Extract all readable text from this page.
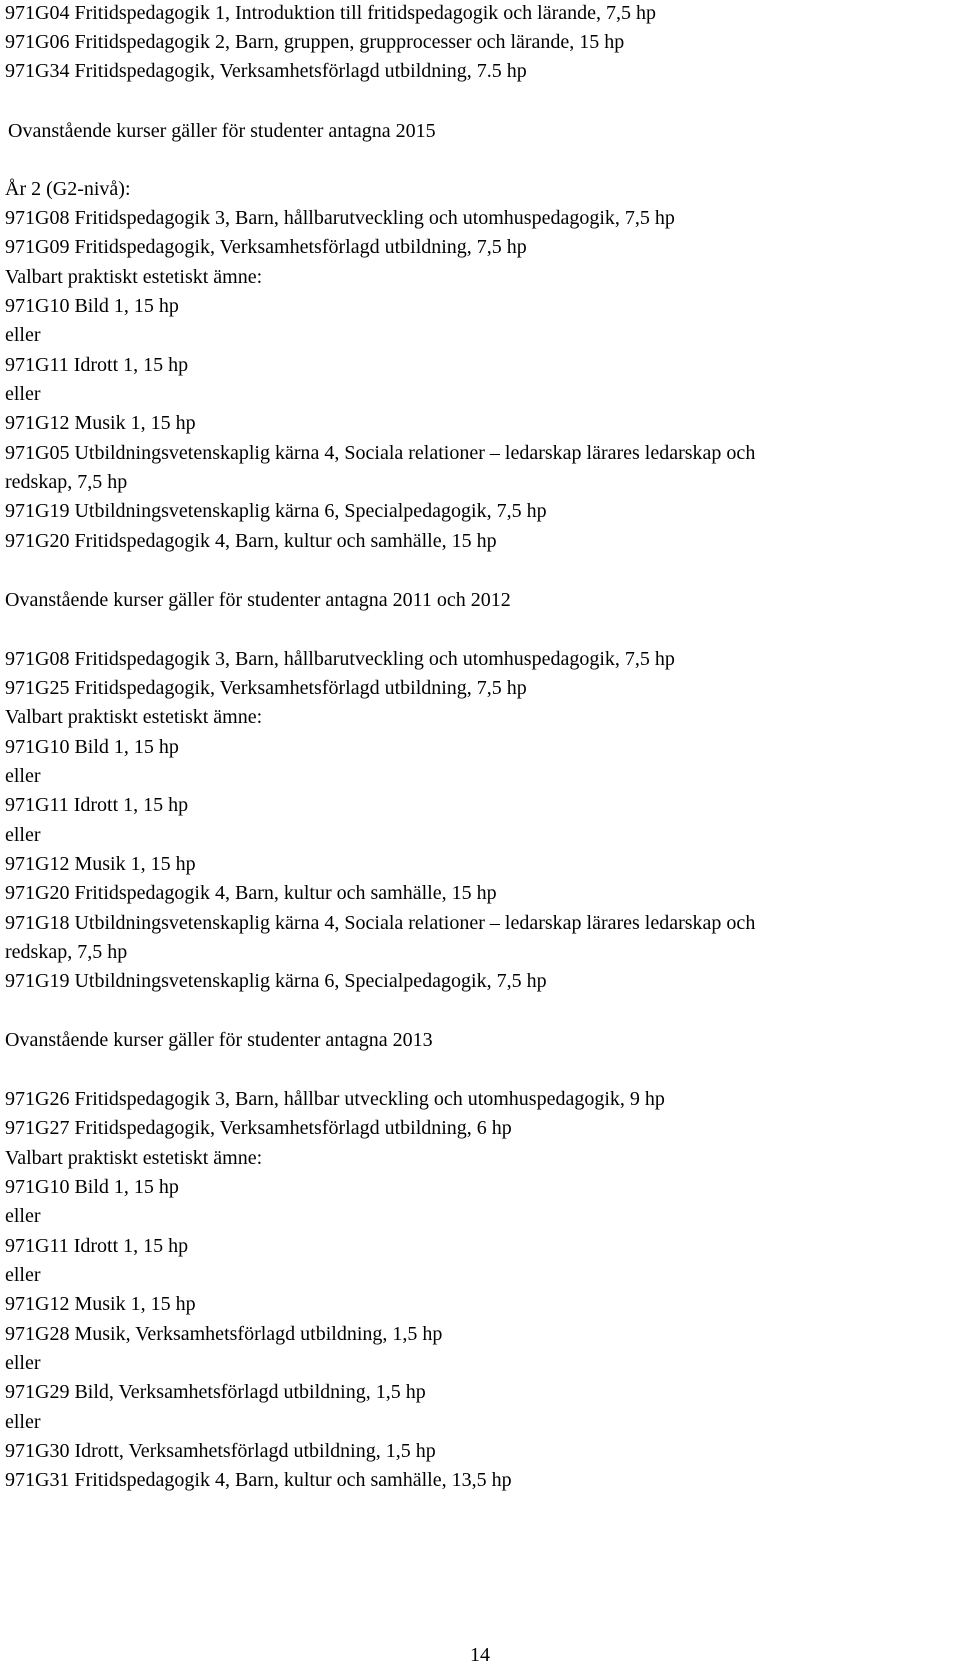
971G04 Fritidspedagogik 1, Introduktion till fritidspedagogik och lärande, 7,5 hp

971G06 Fritidspedagogik 2, Barn, gruppen, grupprocesser och lärande, 15 hp

971G34 Fritidspedagogik, Verksamhetsförlagd utbildning, 7.5 hp

Ovanstående kurser gäller för studenter antagna 2015

År 2 (G2-nivå):

971G08 Fritidspedagogik 3, Barn, hållbarutveckling och utomhuspedagogik, 7,5 hp

971G09 Fritidspedagogik, Verksamhetsförlagd utbildning, 7,5 hp

Valbart praktiskt estetiskt ämne:

971G10 Bild 1, 15 hp

eller

971G11 Idrott 1, 15 hp

eller

971G12 Musik 1, 15 hp

971G05 Utbildningsvetenskaplig kärna 4, Sociala relationer – ledarskap lärares ledarskap och

redskap, 7,5 hp

971G19 Utbildningsvetenskaplig kärna 6, Specialpedagogik, 7,5 hp

971G20 Fritidspedagogik 4, Barn, kultur och samhälle, 15 hp

Ovanstående kurser gäller för studenter antagna 2011 och 2012

971G08 Fritidspedagogik 3, Barn, hållbarutveckling och utomhuspedagogik, 7,5 hp

971G25 Fritidspedagogik, Verksamhetsförlagd utbildning, 7,5 hp

Valbart praktiskt estetiskt ämne:

971G10 Bild 1, 15 hp

eller

971G11 Idrott 1, 15 hp

eller

971G12 Musik 1, 15 hp

971G20 Fritidspedagogik 4, Barn, kultur och samhälle, 15 hp

971G18 Utbildningsvetenskaplig kärna 4, Sociala relationer – ledarskap lärares ledarskap och

redskap, 7,5 hp

971G19 Utbildningsvetenskaplig kärna 6, Specialpedagogik, 7,5 hp

Ovanstående kurser gäller för studenter antagna 2013

971G26 Fritidspedagogik 3, Barn, hållbar utveckling och utomhuspedagogik, 9 hp

971G27 Fritidspedagogik, Verksamhetsförlagd utbildning, 6 hp

Valbart praktiskt estetiskt ämne:

971G10 Bild 1, 15 hp

eller

971G11 Idrott 1, 15 hp

eller

971G12 Musik 1, 15 hp

971G28 Musik, Verksamhetsförlagd utbildning, 1,5 hp

eller

971G29 Bild, Verksamhetsförlagd utbildning, 1,5 hp

eller

971G30 Idrott, Verksamhetsförlagd utbildning, 1,5 hp

971G31 Fritidspedagogik 4, Barn, kultur och samhälle, 13,5 hp

14
